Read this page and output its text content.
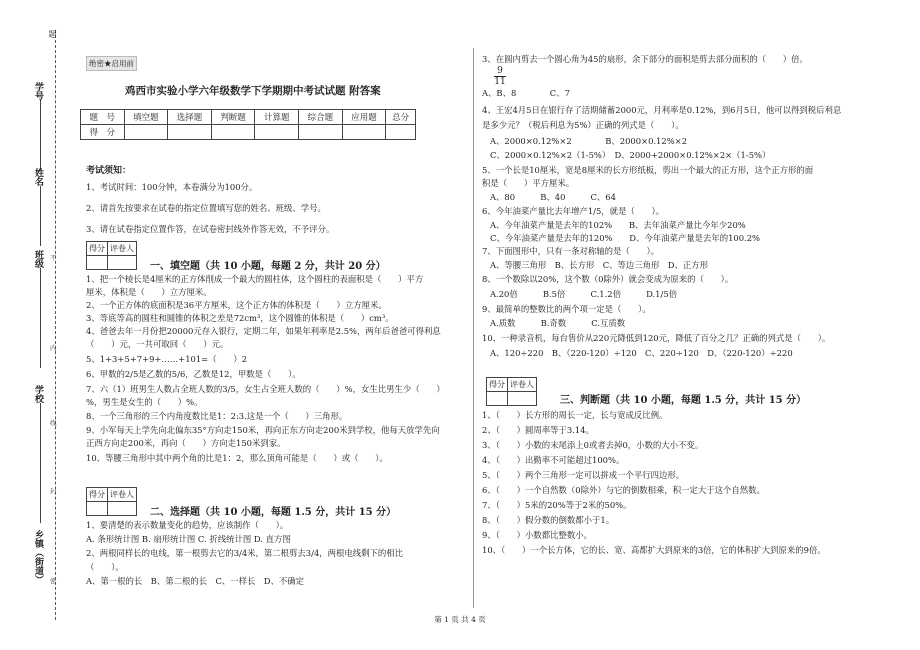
题
学号
姓名
班级
学校
乡镇（街道）
不
内
线
封
密
绝密★启用前
鸡西市实验小学六年级数学下学期期中考试试题 附答案
题　号	填空题	选择题	判断题	计算题	综合题	应用题	总分
得　分							
考试须知：
1、考试时间：100分钟，本卷满分为100分。
2、请首先按要求在试卷的指定位置填写您的姓名、班级、学号。
3、请在试卷指定位置作答，在试卷密封线外作答无效，不予评分。
得分	评卷人

一、填空题（共 10 小题，每题 2 分，共计 20 分）
1、把一个棱长是4厘米的正方体削成一个最大的圆柱体，这个圆柱的表面积是（　　）平方
厘米，体积是（　　）立方厘米。
2、一个正方体的底面积是36平方厘米，这个正方体的体积是（　　）立方厘米。
3、等底等高的圆柱和圆锥的体积之差是72cm³，这个圆锥的体积是（　　）cm³。
4、爸爸去年一月份把20000元存入银行，定期二年，如果年利率是2.5%，两年后爸爸可得利息
（　　）元，一共可取回（　　）元。
5、1+3+5+7+9+……+101=（　　）2
6、甲数的2/5是乙数的5/6，乙数是12，甲数是（　　）。
7、六（1）班男生人数占全班人数的3/5，女生占全班人数的（　　）%，女生比男生少（　　）
%，男生是女生的（　　）%。
8、一个三角形的三个内角度数比是1：2:3.这是一个（　　）三角形。
9、小军每天上学先向北偏东35°方向走150米，再向正东方向走200米到学校，他每天放学先向
正西方向走200米，再向（　　）方向走150米到家。
10、等腰三角形中其中两个角的比是1：2，那么顶角可能是（　　）或（　　）。
得分	评卷人

二、选择题（共 10 小题，每题 1.5 分，共计 15 分）
1、要清楚的表示数量变化的趋势，应该制作（　　）。
A. 条形统计图 B. 扇形统计图 C. 折线统计图 D. 直方图
2、两根同样长的电线，第一根剪去它的3/4米，第二根剪去3/4，两根电线剩下的相比
（　　）。
A、第一根的长　B、第二根的长　C、一样长　D、不确定
3、在圆内剪去一个圆心角为45的扇形，余下部分的面积是剪去部分面积的（　　）倍。
9
11
A、B、8　　　　C、7
4、王宏4月5日在银行存了活期储蓄2000元，月利率是0.12%，到6月5日，他可以得到税后利息
是多少元？（税后利息为5%）正确的列式是（　　）。
A、2000×0.12%×2　　　　B、2000×0.12%×2
C、2000×0.12%×2（1-5%）　D、2000+2000×0.12%×2×（1-5%）
5、一个长是10厘米，宽是8厘米的长方形纸板，剪出一个最大的正方形，这个正方形的面
积是（　　）平方厘米。
A、80　　　B、40　　　C、64
6、今年油菜产量比去年增产1/5，就是（　　）。
A、今年油菜产量是去年的102%　　B、去年油菜产量比今年少20%
C、今年油菜产量是去年的120%　　D、今年油菜产量是去年的100.2%
7、下面图形中，只有一条对称轴的是（　　）。
A、等腰三角形　B、长方形　C、等边三角形　D、正方形
8、一个数除以20%，这个数（0除外）就会变成为原来的（　　）。
A.20倍　　　B.5倍　　　C.1.2倍　　　D.1/5倍
9、最简单的整数比的两个项一定是（　　）。
A.质数　　　B.奇数　　　C.互质数
10、一种录音机，每台售价从220元降低到120元，降低了百分之几？正确的列式是（　　）。
A、120÷220　B、（220-120）÷120　C、220÷120　D、（220-120）÷220
得分	评卷人

三、判断题（共 10 小题，每题 1.5 分，共计 15 分）
1、（　　）长方形的周长一定，长与宽成反比例。
2、（　　）圆周率等于3.14。
3、（　　）小数的末尾添上0或者去掉0，小数的大小不变。
4、（　　）出勤率不可能超过100%。
5、（　　）两个三角形一定可以拼成一个平行四边形。
6、（　　）一个自然数（0除外）与它的倒数相乘，积一定大于这个自然数。
7、（　　）5米的20%等于2米的50%。
8、（　　）假分数的倒数都小于1。
9、（　　）小数都比整数小。
10、（　　）一个长方体，它的长、宽、高都扩大到原来的3倍，它的体积扩大到原来的9倍。
第 1 页 共 4 页
